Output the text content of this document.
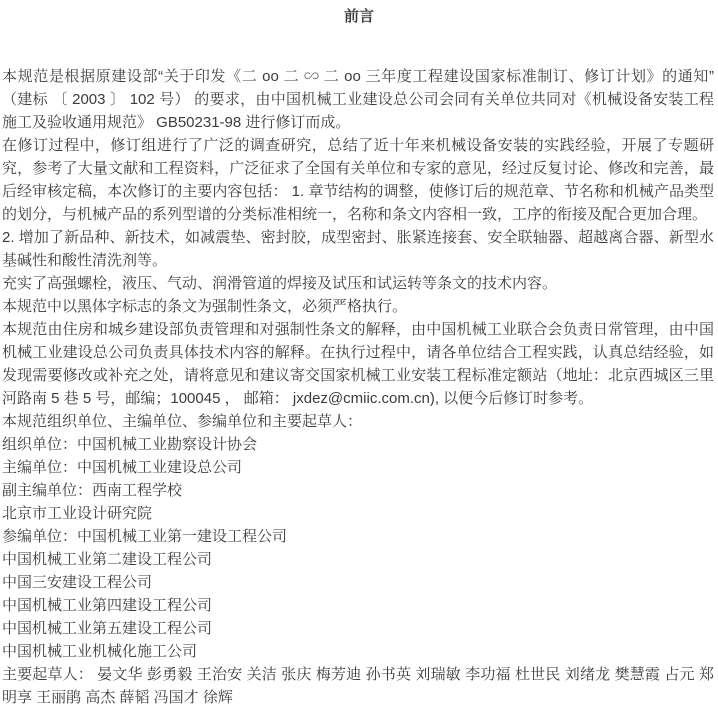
前言

本规范是根据原建设部“关于印发《二 oo 二 ∽ 二 oo 三年度工程建设国家标准制订、修订计划》的通知” （建标 〔 2003 〕 102 号） 的要求，由中国机械工业建设总公司会同有关单位共同对《机械设备安装工程施工及验收通用规范》 GB50231-98 进行修订而成。

在修订过程中，修订组进行了广泛的调查研究，总结了近十年来机械设备安装的实践经验，开展了专题研究，参考了大量文献和工程资料，广泛征求了全国有关单位和专家的意见，经过反复讨论、修改和完善，最后经审核定稿，本次修订的主要内容包括： 1. 章节结构的调整，使修订后的规范章、节名称和机械产品类型的划分，与机械产品的系列型谱的分类标准相统一，名称和条文内容相一致，工序的衔接及配合更加合理。

2. 增加了新品种、新技术，如减震垫、密封胶，成型密封、胀紧连接套、安全联轴器、超越离合器、新型水基碱性和酸性清洗剂等。

充实了高强螺栓，液压、气动、润滑管道的焊接及试压和试运转等条文的技术内容。

本规范中以黑体字标志的条文为强制性条文，必须严格执行。

本规范由住房和城乡建设部负责管理和对强制性条文的解释，由中国机械工业联合会负责日常管理，由中国机械工业建设总公司负责具体技术内容的解释。在执行过程中，请各单位结合工程实践，认真总结经验，如发现需要修改或补充之处，请将意见和建议寄交国家机械工业安装工程标准定额站（地址：北京西城区三里河路南 5 巷 5 号，邮编；100045 ， 邮箱： jxdez@cmiic.com.cn), 以便今后修订时参考。

本规范组织单位、主编单位、参编单位和主要起草人：

组织单位：中国机械工业勘察设计协会

主编单位：中国机械工业建设总公司

副主编单位：西南工程学校

北京市工业设计研究院

参编单位：中国机械工业第一建设工程公司

中国机械工业第二建设工程公司

中国三安建设工程公司

中国机械工业第四建设工程公司

中国机械工业第五建设工程公司

中国机械工业机械化施工公司

主要起草人： 晏文华 彭勇毅 王治安 关洁 张庆 梅芳迪 孙书英 刘瑞敏 李功福 杜世民 刘绪龙 樊慧霞 占元 郑明享 王丽鹃 高杰 薛韬 冯国才 徐辉
